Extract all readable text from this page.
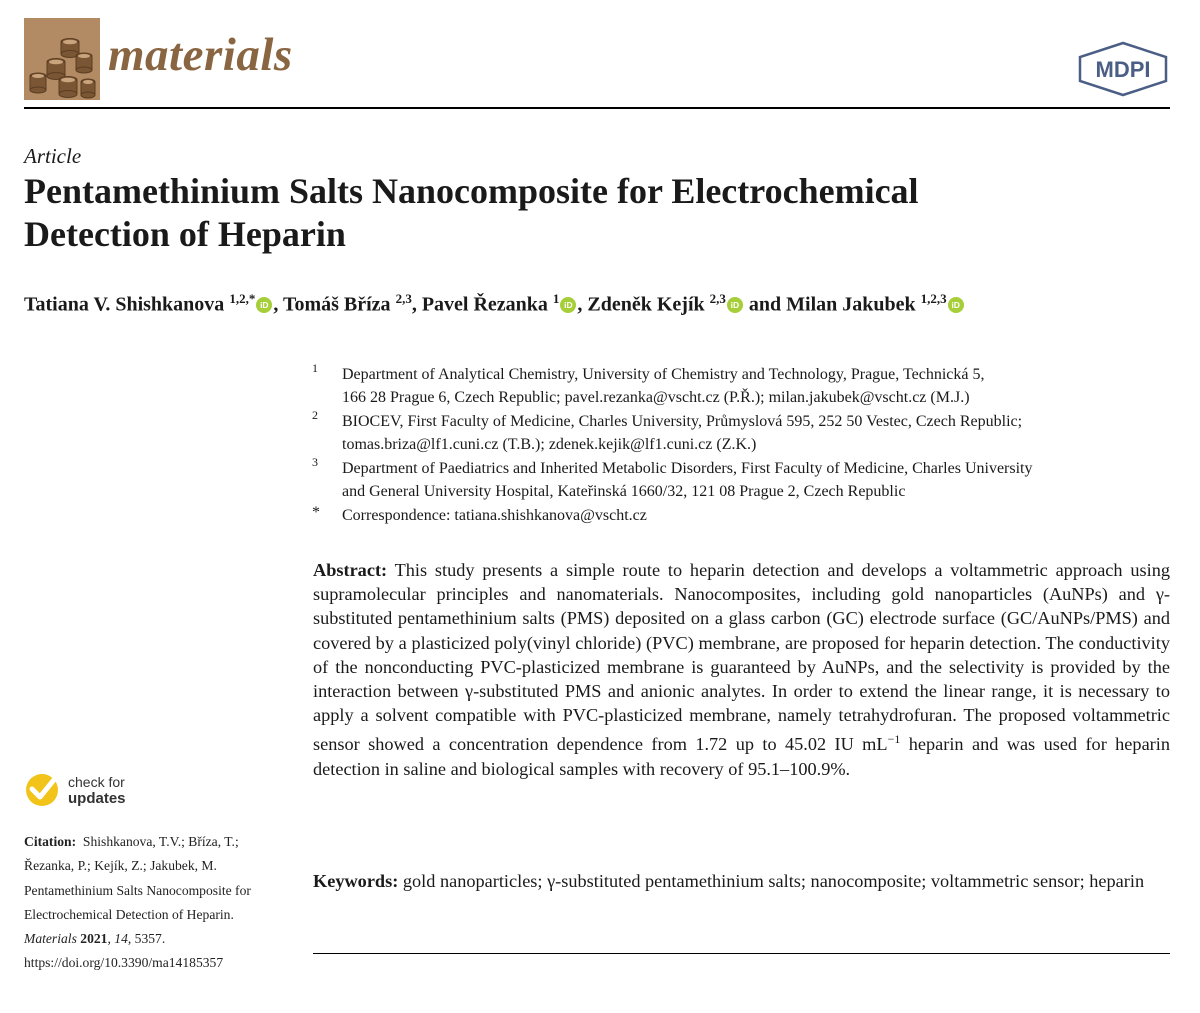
materials	MDPI
Article
Pentamethinium Salts Nanocomposite for Electrochemical
Detection of Heparin
Tatiana V. Shishkanova $^{1,2,*}$ iD , Tomáš Bříza $^{2,3}$, Pavel Řezanka $^1$ iD , Zdeněk Kejík $^{2,3}$ iD and Milan Jakubek $^{1,2,3}$ iD
1 Department of Analytical Chemistry, University of Chemistry and Technology, Prague, Technická 5,
166 28 Prague 6, Czech Republic; pavel.rezanka@vscht.cz (P.Ř.); milan.jakubek@vscht.cz (M.J.)
2 BIOCEV, First Faculty of Medicine, Charles University, Průmyslová 595, 252 50 Vestec, Czech Republic;
tomas.briza@lf1.cuni.cz (T.B.); zdenek.kejik@lf1.cuni.cz (Z.K.)
3 Department of Paediatrics and Inherited Metabolic Disorders, First Faculty of Medicine, Charles University
and General University Hospital, Kateřinská 1660/32, 121 08 Prague 2, Czech Republic
* Correspondence: tatiana.shishkanova@vscht.cz
Abstract: This study presents a simple route to heparin detection and develops a voltammetric approach using supramolecular principles and nanomaterials. Nanocomposites, including gold nanoparticles (AuNPs) and γ-substituted pentamethinium salts (PMS) deposited on a glass carbon (GC) electrode surface (GC/AuNPs/PMS) and covered by a plasticized poly(vinyl chloride) (PVC) membrane, are proposed for heparin detection. The conductivity of the nonconducting PVC-plasticized membrane is guaranteed by AuNPs, and the selectivity is provided by the interaction between γ-substituted PMS and anionic analytes. In order to extend the linear range, it is necessary to apply a solvent compatible with PVC-plasticized membrane, namely tetrahydrofuran. The proposed voltammetric sensor showed a concentration dependence from 1.72 up to 45.02 IU $mL^{-1}$ heparin and was used for heparin detection in saline and biological samples with recovery of 95.1–100.9%.
Keywords: gold nanoparticles; γ-substituted pentamethinium salts; nanocomposite; voltammetric sensor; heparin
check for
updates
Citation: Shishkanova, T.V.; Bříza, T.; Řezanka, P.; Kejík, Z.; Jakubek, M. Pentamethinium Salts Nanocomposite for Electrochemical Detection of Heparin. Materials 2021, 14, 5357. https://doi.org/10.3390/ma14185357
